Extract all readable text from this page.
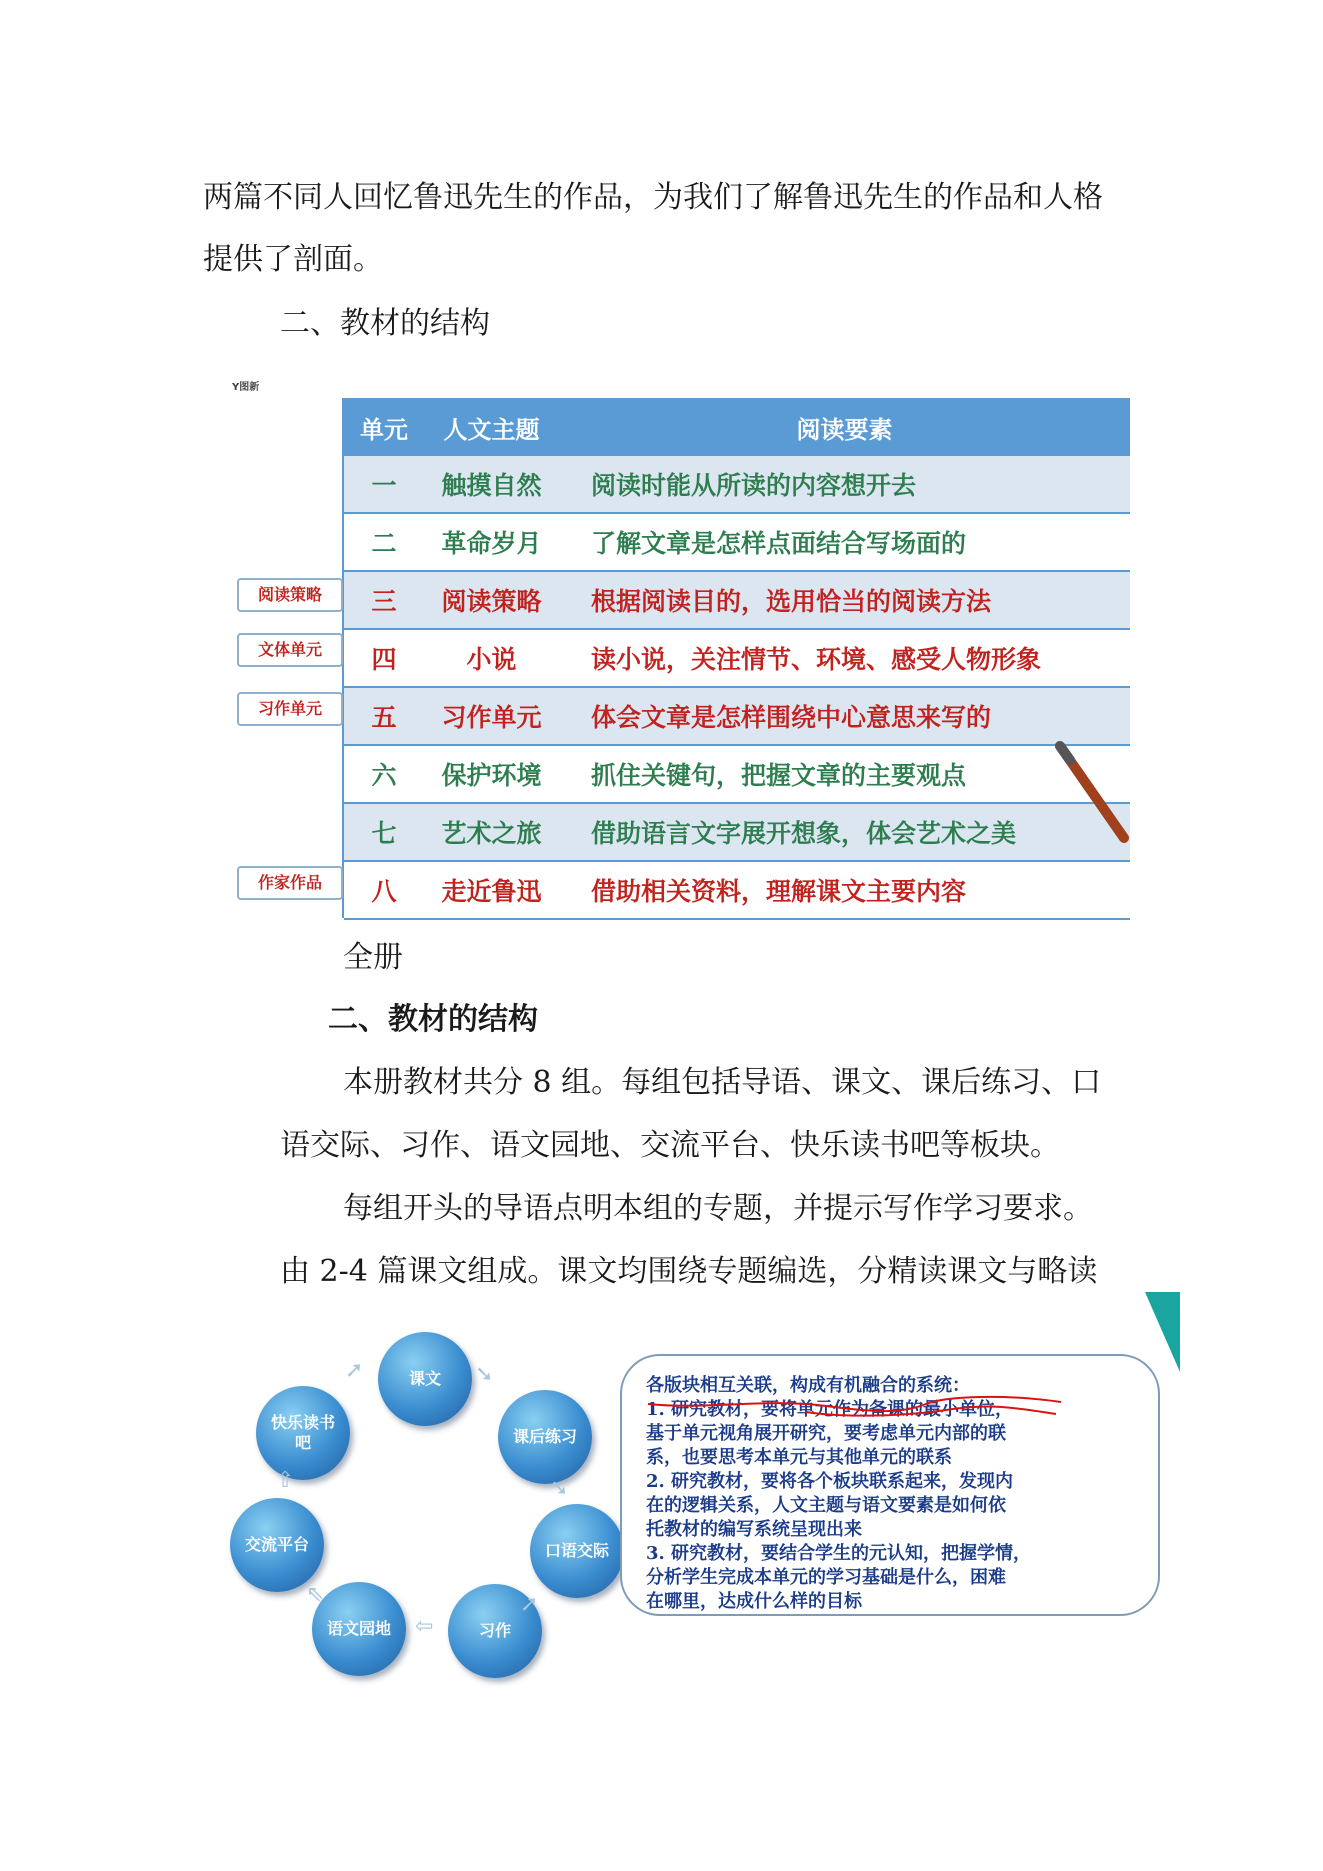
两篇不同人回忆鲁迅先生的作品，为我们了解鲁迅先生的作品和人格
提供了剖面。
二、教材的结构
Y图新
阅读策略
文体单元
习作单元
作家作品
单元	人文主题	阅读要素
一	触摸自然	阅读时能从所读的内容想开去
二	革命岁月	了解文章是怎样点面结合写场面的
三	阅读策略	根据阅读目的，选用恰当的阅读方法
四	小说	读小说，关注情节、环境、感受人物形象
五	习作单元	体会文章是怎样围绕中心意思来写的
六	保护环境	抓住关键句，把握文章的主要观点
七	艺术之旅	借助语言文字展开想象，体会艺术之美
八	走近鲁迅	借助相关资料，理解课文主要内容
全册
二、教材的结构
本册教材共分 8 组。每组包括导语、课文、课后练习、口
语交际、习作、语文园地、交流平台、快乐读书吧等板块。
每组开头的导语点明本组的专题，并提示写作学习要求。
由 2-4 篇课文组成。课文均围绕专题编选，分精读课文与略读
课文
课后练习
口语交际
习作
语文园地
交流平台
快乐读书吧
➘
➘
➚
⇦
⇖
⇧
➚
各版块相互关联，构成有机融合的系统：
1. 研究教材，要将单元作为备课的最小单位，
基于单元视角展开研究，要考虑单元内部的联
系，也要思考本单元与其他单元的联系
2. 研究教材，要将各个板块联系起来，发现内
在的逻辑关系，人文主题与语文要素是如何依
托教材的编写系统呈现出来
3. 研究教材，要结合学生的元认知，把握学情，
分析学生完成本单元的学习基础是什么，困难
在哪里，达成什么样的目标
